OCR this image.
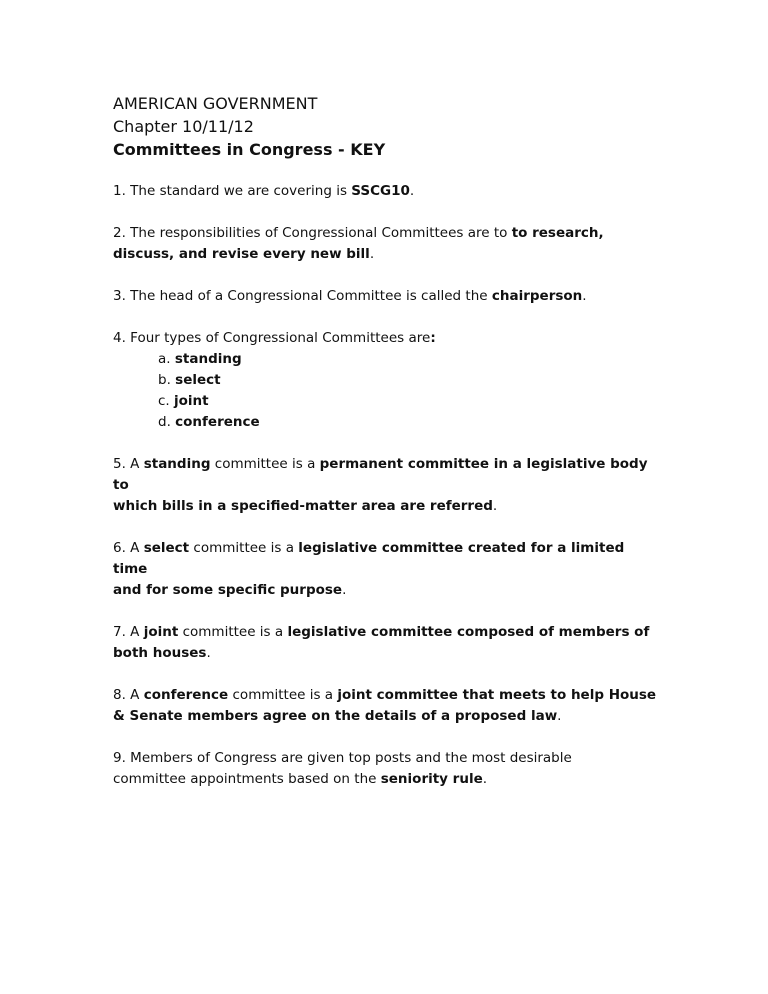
AMERICAN GOVERNMENT

Chapter 10/11/12

Committees in Congress - KEY

1. The standard we are covering is SSCG10.

2. The responsibilities of Congressional Committees are to to research,
discuss, and revise every new bill.

3. The head of a Congressional Committee is called the chairperson.

4. Four types of Congressional Committees are:

a. standing
b. select
c. joint
d. conference

5. A standing committee is a permanent committee in a legislative body to
which bills in a specified-matter area are referred.

6. A select committee is a legislative committee created for a limited time
and for some specific purpose.

7. A joint committee is a legislative committee composed of members of
both houses.

8. A conference committee is a joint committee that meets to help House
& Senate members agree on the details of a proposed law.

9. Members of Congress are given top posts and the most desirable
committee appointments based on the seniority rule.
